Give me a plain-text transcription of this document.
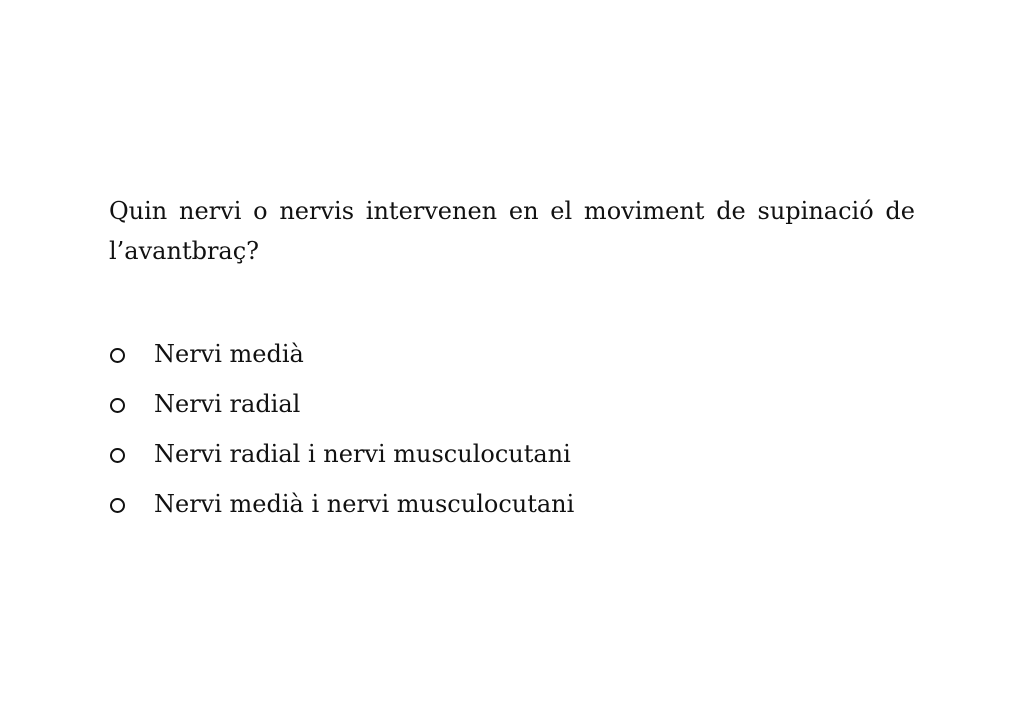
Quin nervi o nervis intervenen en el moviment de supinació de l’avantbraç?

Nervi medià
Nervi radial
Nervi radial i nervi musculocutani
Nervi medià i nervi musculocutani
